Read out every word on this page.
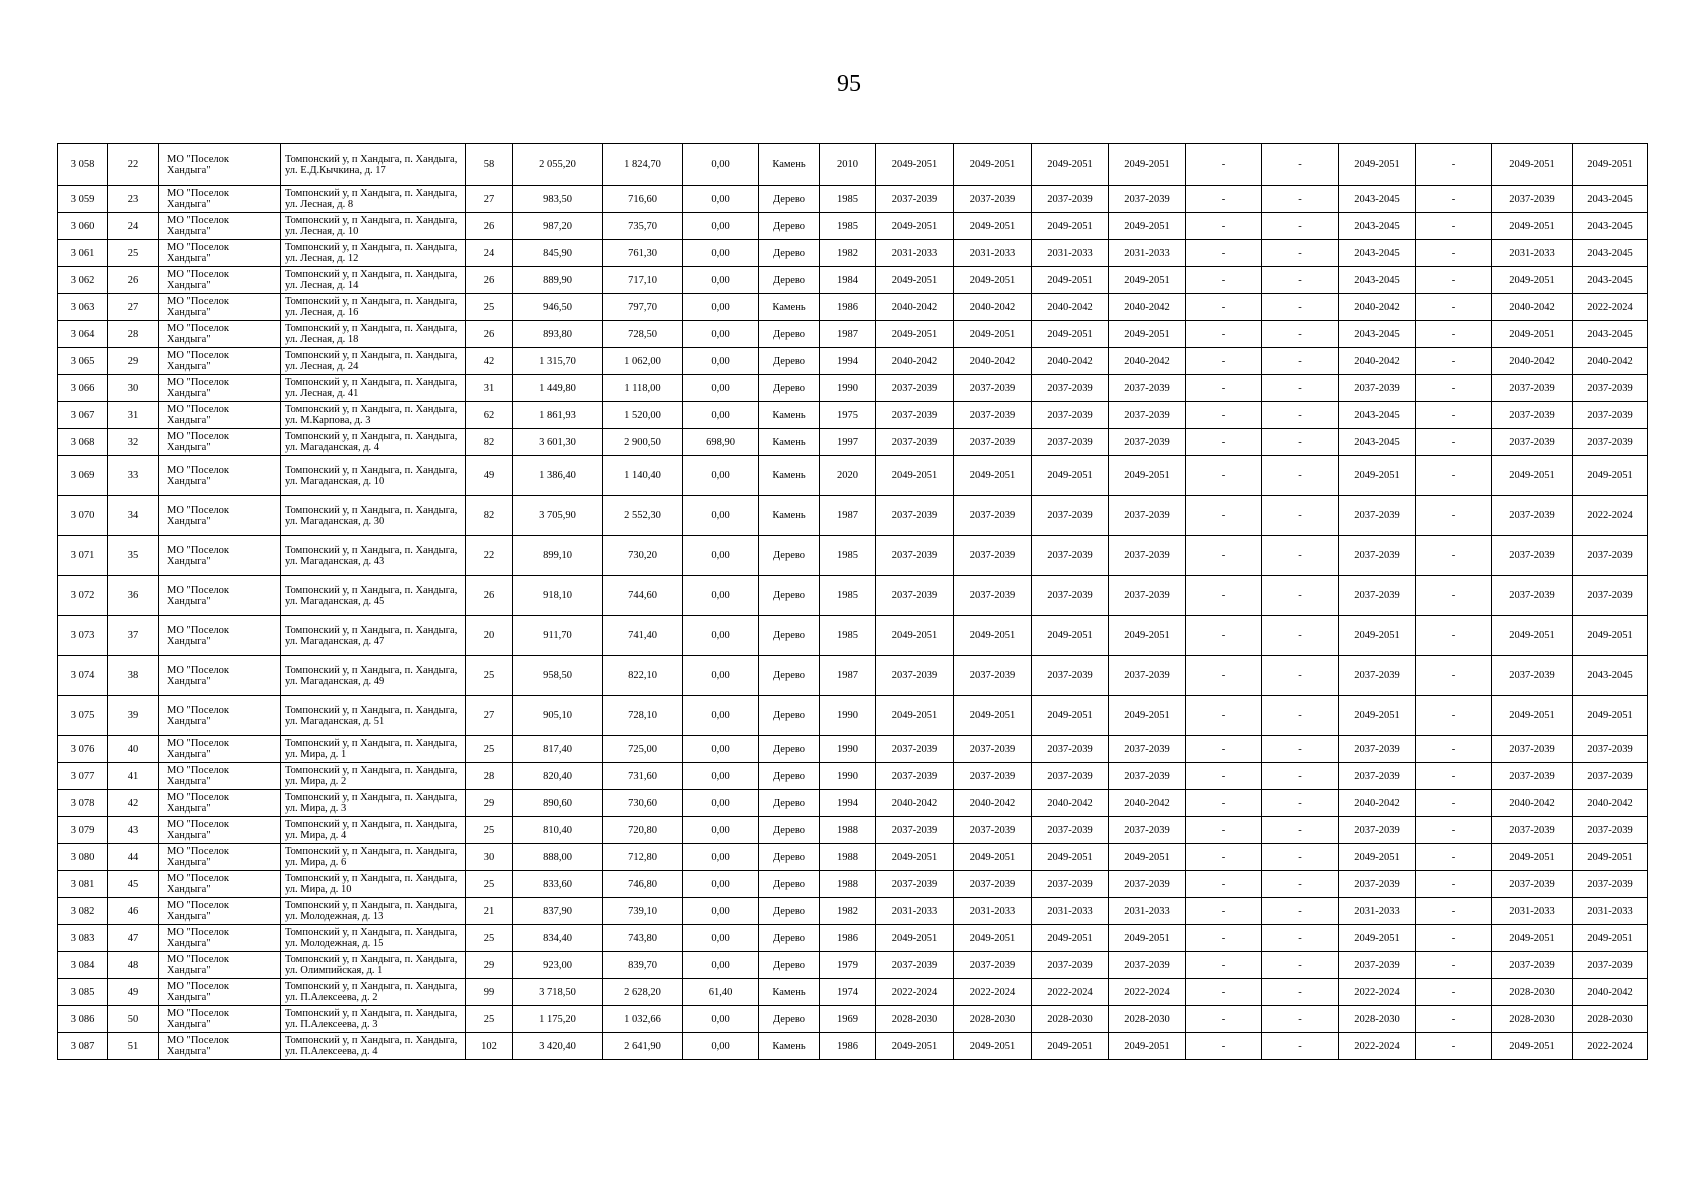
95
3 058	22	МО "Поселок Хандыга"	Томпонский у, п Хандыга, п. Хандыга, ул. Е.Д.Кычкина, д. 17	58	2 055,20	1 824,70	0,00	Камень	2010	2049-2051	2049-2051	2049-2051	2049-2051	-	-	2049-2051	-	2049-2051	2049-2051
3 059	23	МО "Поселок Хандыга"	Томпонский у, п Хандыга, п. Хандыга, ул. Лесная, д. 8	27	983,50	716,60	0,00	Дерево	1985	2037-2039	2037-2039	2037-2039	2037-2039	-	-	2043-2045	-	2037-2039	2043-2045
3 060	24	МО "Поселок Хандыга"	Томпонский у, п Хандыга, п. Хандыга, ул. Лесная, д. 10	26	987,20	735,70	0,00	Дерево	1985	2049-2051	2049-2051	2049-2051	2049-2051	-	-	2043-2045	-	2049-2051	2043-2045
3 061	25	МО "Поселок Хандыга"	Томпонский у, п Хандыга, п. Хандыга, ул. Лесная, д. 12	24	845,90	761,30	0,00	Дерево	1982	2031-2033	2031-2033	2031-2033	2031-2033	-	-	2043-2045	-	2031-2033	2043-2045
3 062	26	МО "Поселок Хандыга"	Томпонский у, п Хандыга, п. Хандыга, ул. Лесная, д. 14	26	889,90	717,10	0,00	Дерево	1984	2049-2051	2049-2051	2049-2051	2049-2051	-	-	2043-2045	-	2049-2051	2043-2045
3 063	27	МО "Поселок Хандыга"	Томпонский у, п Хандыга, п. Хандыга, ул. Лесная, д. 16	25	946,50	797,70	0,00	Камень	1986	2040-2042	2040-2042	2040-2042	2040-2042	-	-	2040-2042	-	2040-2042	2022-2024
3 064	28	МО "Поселок Хандыга"	Томпонский у, п Хандыга, п. Хандыга, ул. Лесная, д. 18	26	893,80	728,50	0,00	Дерево	1987	2049-2051	2049-2051	2049-2051	2049-2051	-	-	2043-2045	-	2049-2051	2043-2045
3 065	29	МО "Поселок Хандыга"	Томпонский у, п Хандыга, п. Хандыга, ул. Лесная, д. 24	42	1 315,70	1 062,00	0,00	Дерево	1994	2040-2042	2040-2042	2040-2042	2040-2042	-	-	2040-2042	-	2040-2042	2040-2042
3 066	30	МО "Поселок Хандыга"	Томпонский у, п Хандыга, п. Хандыга, ул. Лесная, д. 41	31	1 449,80	1 118,00	0,00	Дерево	1990	2037-2039	2037-2039	2037-2039	2037-2039	-	-	2037-2039	-	2037-2039	2037-2039
3 067	31	МО "Поселок Хандыга"	Томпонский у, п Хандыга, п. Хандыга, ул. М.Карпова, д. 3	62	1 861,93	1 520,00	0,00	Камень	1975	2037-2039	2037-2039	2037-2039	2037-2039	-	-	2043-2045	-	2037-2039	2037-2039
3 068	32	МО "Поселок Хандыга"	Томпонский у, п Хандыга, п. Хандыга, ул. Магаданская, д. 4	82	3 601,30	2 900,50	698,90	Камень	1997	2037-2039	2037-2039	2037-2039	2037-2039	-	-	2043-2045	-	2037-2039	2037-2039
3 069	33	МО "Поселок Хандыга"	Томпонский у, п Хандыга, п. Хандыга, ул. Магаданская, д. 10	49	1 386,40	1 140,40	0,00	Камень	2020	2049-2051	2049-2051	2049-2051	2049-2051	-	-	2049-2051	-	2049-2051	2049-2051
3 070	34	МО "Поселок Хандыга"	Томпонский у, п Хандыга, п. Хандыга, ул. Магаданская, д. 30	82	3 705,90	2 552,30	0,00	Камень	1987	2037-2039	2037-2039	2037-2039	2037-2039	-	-	2037-2039	-	2037-2039	2022-2024
3 071	35	МО "Поселок Хандыга"	Томпонский у, п Хандыга, п. Хандыга, ул. Магаданская, д. 43	22	899,10	730,20	0,00	Дерево	1985	2037-2039	2037-2039	2037-2039	2037-2039	-	-	2037-2039	-	2037-2039	2037-2039
3 072	36	МО "Поселок Хандыга"	Томпонский у, п Хандыга, п. Хандыга, ул. Магаданская, д. 45	26	918,10	744,60	0,00	Дерево	1985	2037-2039	2037-2039	2037-2039	2037-2039	-	-	2037-2039	-	2037-2039	2037-2039
3 073	37	МО "Поселок Хандыга"	Томпонский у, п Хандыга, п. Хандыга, ул. Магаданская, д. 47	20	911,70	741,40	0,00	Дерево	1985	2049-2051	2049-2051	2049-2051	2049-2051	-	-	2049-2051	-	2049-2051	2049-2051
3 074	38	МО "Поселок Хандыга"	Томпонский у, п Хандыга, п. Хандыга, ул. Магаданская, д. 49	25	958,50	822,10	0,00	Дерево	1987	2037-2039	2037-2039	2037-2039	2037-2039	-	-	2037-2039	-	2037-2039	2043-2045
3 075	39	МО "Поселок Хандыга"	Томпонский у, п Хандыга, п. Хандыга, ул. Магаданская, д. 51	27	905,10	728,10	0,00	Дерево	1990	2049-2051	2049-2051	2049-2051	2049-2051	-	-	2049-2051	-	2049-2051	2049-2051
3 076	40	МО "Поселок Хандыга"	Томпонский у, п Хандыга, п. Хандыга, ул. Мира, д. 1	25	817,40	725,00	0,00	Дерево	1990	2037-2039	2037-2039	2037-2039	2037-2039	-	-	2037-2039	-	2037-2039	2037-2039
3 077	41	МО "Поселок Хандыга"	Томпонский у, п Хандыга, п. Хандыга, ул. Мира, д. 2	28	820,40	731,60	0,00	Дерево	1990	2037-2039	2037-2039	2037-2039	2037-2039	-	-	2037-2039	-	2037-2039	2037-2039
3 078	42	МО "Поселок Хандыга"	Томпонский у, п Хандыга, п. Хандыга, ул. Мира, д. 3	29	890,60	730,60	0,00	Дерево	1994	2040-2042	2040-2042	2040-2042	2040-2042	-	-	2040-2042	-	2040-2042	2040-2042
3 079	43	МО "Поселок Хандыга"	Томпонский у, п Хандыга, п. Хандыга, ул. Мира, д. 4	25	810,40	720,80	0,00	Дерево	1988	2037-2039	2037-2039	2037-2039	2037-2039	-	-	2037-2039	-	2037-2039	2037-2039
3 080	44	МО "Поселок Хандыга"	Томпонский у, п Хандыга, п. Хандыга, ул. Мира, д. 6	30	888,00	712,80	0,00	Дерево	1988	2049-2051	2049-2051	2049-2051	2049-2051	-	-	2049-2051	-	2049-2051	2049-2051
3 081	45	МО "Поселок Хандыга"	Томпонский у, п Хандыга, п. Хандыга, ул. Мира, д. 10	25	833,60	746,80	0,00	Дерево	1988	2037-2039	2037-2039	2037-2039	2037-2039	-	-	2037-2039	-	2037-2039	2037-2039
3 082	46	МО "Поселок Хандыга"	Томпонский у, п Хандыга, п. Хандыга, ул. Молодежная, д. 13	21	837,90	739,10	0,00	Дерево	1982	2031-2033	2031-2033	2031-2033	2031-2033	-	-	2031-2033	-	2031-2033	2031-2033
3 083	47	МО "Поселок Хандыга"	Томпонский у, п Хандыга, п. Хандыга, ул. Молодежная, д. 15	25	834,40	743,80	0,00	Дерево	1986	2049-2051	2049-2051	2049-2051	2049-2051	-	-	2049-2051	-	2049-2051	2049-2051
3 084	48	МО "Поселок Хандыга"	Томпонский у, п Хандыга, п. Хандыга, ул. Олимпийская, д. 1	29	923,00	839,70	0,00	Дерево	1979	2037-2039	2037-2039	2037-2039	2037-2039	-	-	2037-2039	-	2037-2039	2037-2039
3 085	49	МО "Поселок Хандыга"	Томпонский у, п Хандыга, п. Хандыга, ул. П.Алексеева, д. 2	99	3 718,50	2 628,20	61,40	Камень	1974	2022-2024	2022-2024	2022-2024	2022-2024	-	-	2022-2024	-	2028-2030	2040-2042
3 086	50	МО "Поселок Хандыга"	Томпонский у, п Хандыга, п. Хандыга, ул. П.Алексеева, д. 3	25	1 175,20	1 032,66	0,00	Дерево	1969	2028-2030	2028-2030	2028-2030	2028-2030	-	-	2028-2030	-	2028-2030	2028-2030
3 087	51	МО "Поселок Хандыга"	Томпонский у, п Хандыга, п. Хандыга, ул. П.Алексеева, д. 4	102	3 420,40	2 641,90	0,00	Камень	1986	2049-2051	2049-2051	2049-2051	2049-2051	-	-	2022-2024	-	2049-2051	2022-2024
